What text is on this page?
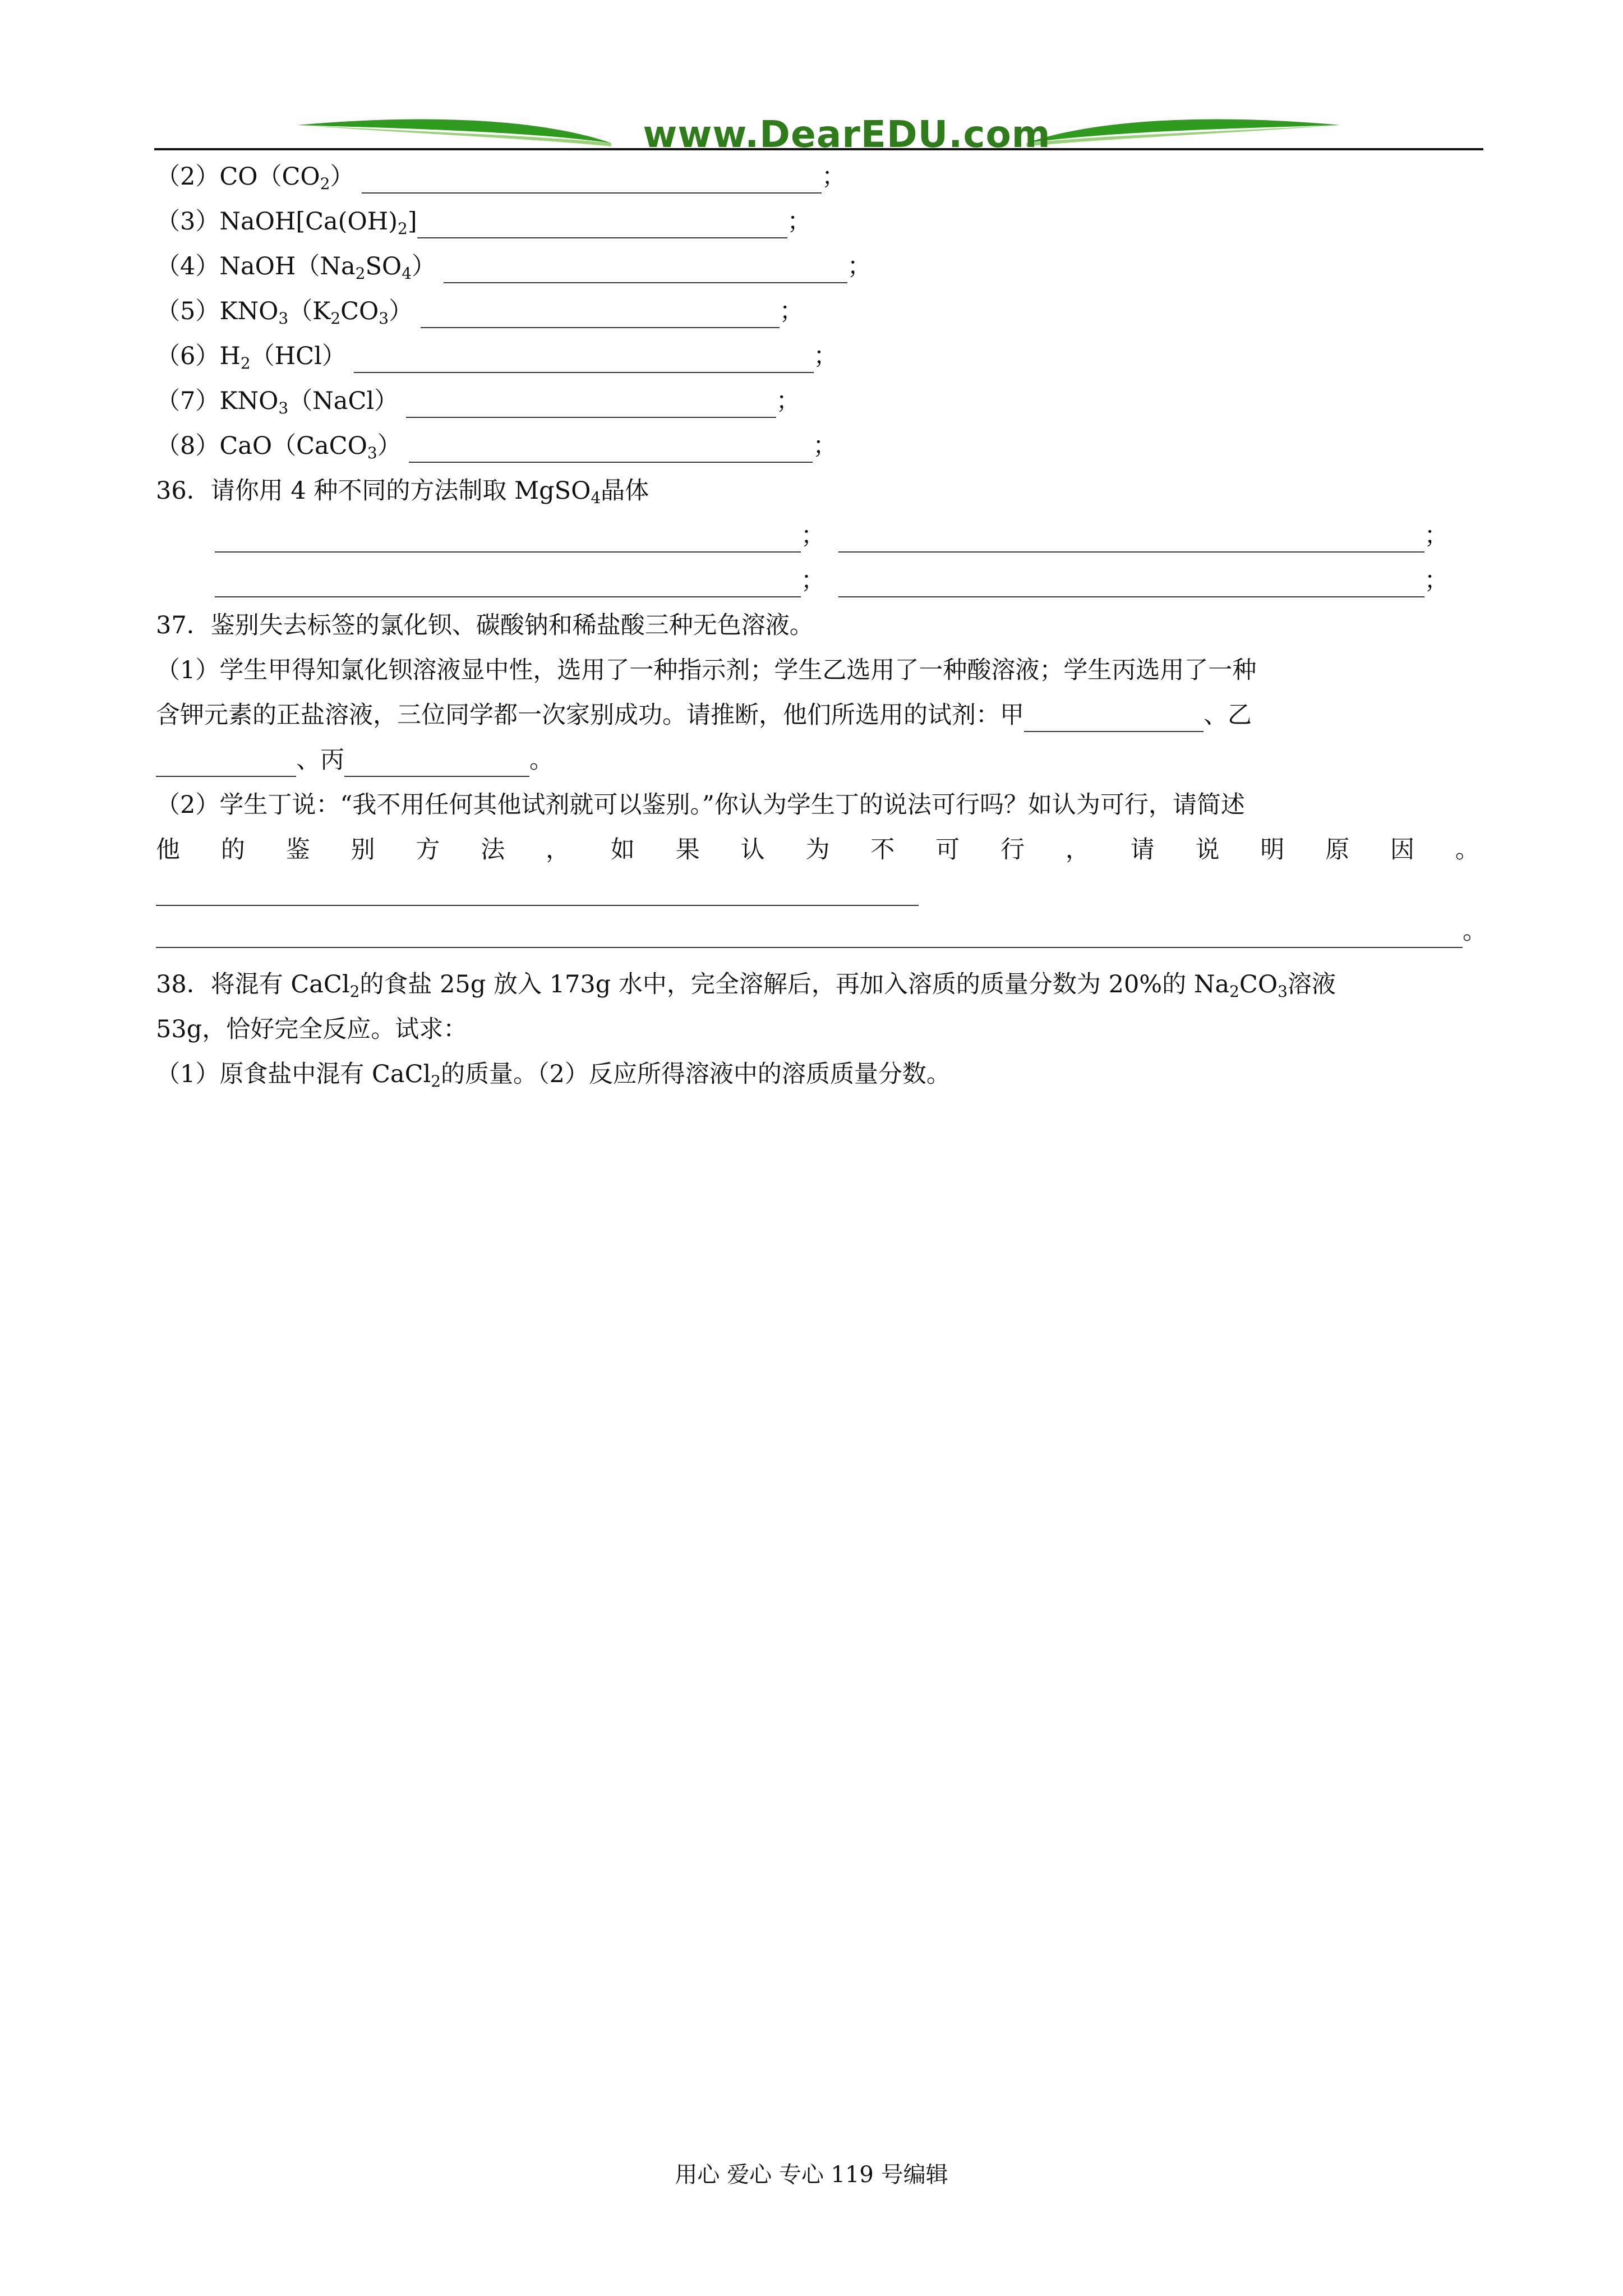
www.DearEDU.com
$(2)CO(CO_2)$	；
$(3)NaOH[Ca(OH)_2]$	；
$(4)NaOH(Na_2SO_4)$	；
$(5)KNO_3(K_2CO_3)$	；
$(6)H_2(HCl)$	；
$(7)KNO_3(NaCl)$	；
（8）CaO（CaCO$_3$）	；
36．请你用 4 种不同的方法制取 MgSO$_4$晶体
；	；
；	；
37．鉴别失去标签的氯化钡、碳酸钠和稀盐酸三种无色溶液。
（1）学生甲得知氯化钡溶液显中性，选用了一种指示剂；学生乙选用了一种酸溶液；学生丙选用了一种
含钾元素的正盐溶液，三位同学都一次家别成功。请推断，他们所选用的试剂：甲	、乙
、丙	。
（2）学生丁说：“我不用任何其他试剂就可以鉴别。”你认为学生丁的说法可行吗？如认为可行，请简述
他 的 鉴 别 方 法 ， 如 果 认 为 不 可 行 ， 请 说 明 原 因 。
。
38．将混有 CaCl$_2$的食盐 25g 放入 173g 水中，完全溶解后，再加入溶质的质量分数为 20%的 $Na_2CO_3$溶液
53g，恰好完全反应。试求：
（1）原食盐中混有 CaCl$_2$的质量。（2）反应所得溶液中的溶质质量分数。
用心 爱心 专心 119 号编辑
